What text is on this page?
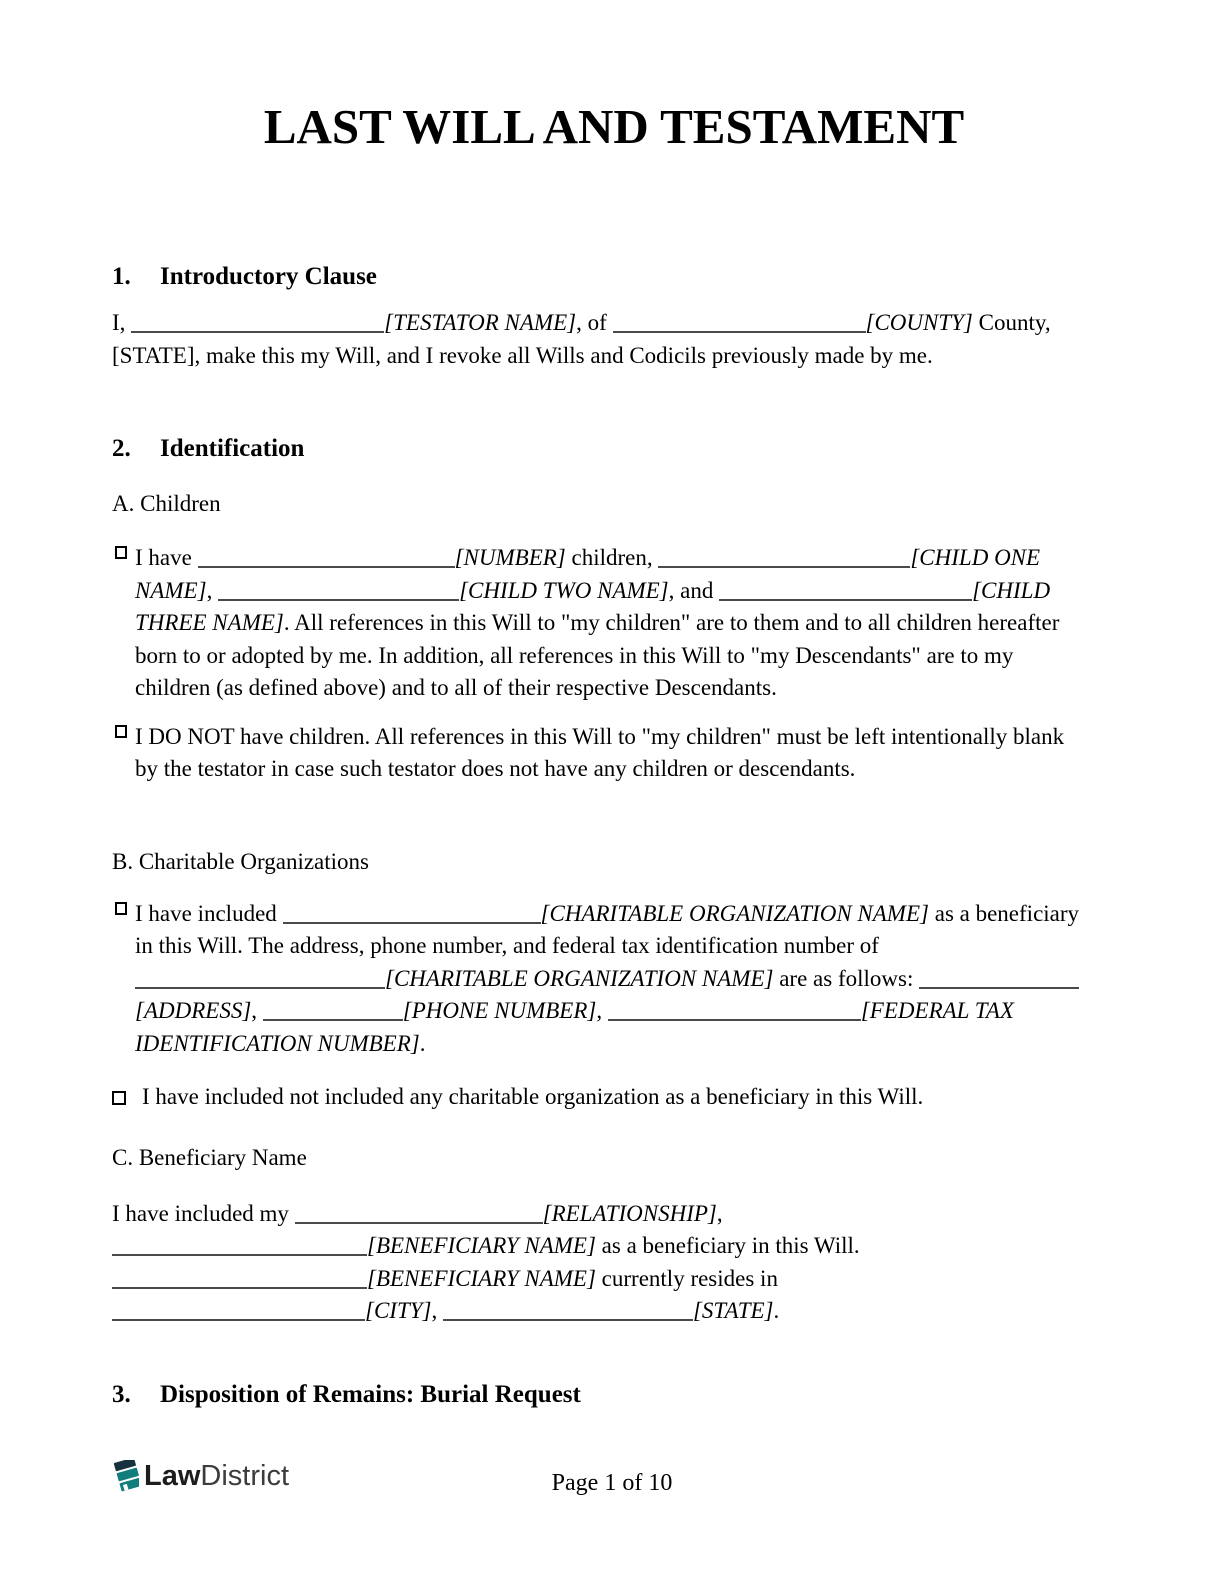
LAST WILL AND TESTAMENT
1. Introductory Clause
I,	[TESTATOR NAME], of	[COUNTY] County,
[STATE], make this my Will, and I revoke all Wills and Codicils previously made by me.
2. Identification
A. Children
I have	[NUMBER] children,	[CHILD ONE
NAME],	[CHILD TWO NAME], and	[CHILD
THREE NAME]. All references in this Will to "my children" are to them and to all children hereafter
born to or adopted by me. In addition, all references in this Will to "my Descendants" are to my
children (as defined above) and to all of their respective Descendants.
I DO NOT have children. All references in this Will to "my children" must be left intentionally blank
by the testator in case such testator does not have any children or descendants.
B. Charitable Organizations
I have included	[CHARITABLE ORGANIZATION NAME] as a beneficiary
in this Will. The address, phone number, and federal tax identification number of
[CHARITABLE ORGANIZATION NAME] are as follows:
[ADDRESS],	[PHONE NUMBER],	[FEDERAL TAX
IDENTIFICATION NUMBER].
I have included not included any charitable organization as a beneficiary in this Will.
C. Beneficiary Name
I have included my	[RELATIONSHIP],
[BENEFICIARY NAME] as a beneficiary in this Will.
[BENEFICIARY NAME] currently resides in
[CITY],	[STATE].
3. Disposition of Remains: Burial Request
LawDistrict	Page 1 of 10
